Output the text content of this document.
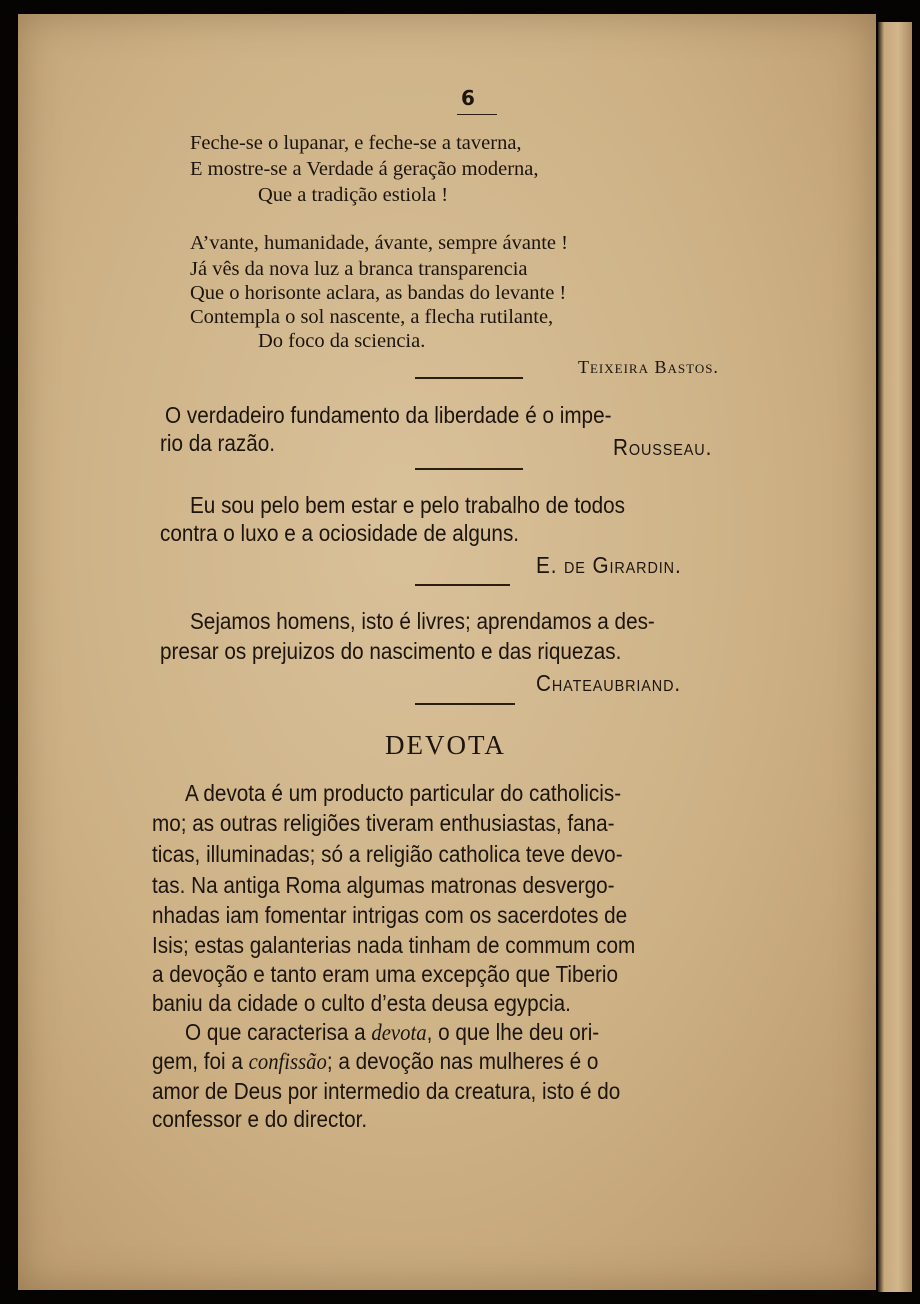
6
Feche-se o lupanar, e feche-se a taverna,
E mostre-se a Verdade á geração moderna,
Que a tradição estiola !
A’vante, humanidade, ávante, sempre ávante !
Já vês da nova luz a branca transparencia
Que o horisonte aclara, as bandas do levante !
Contempla o sol nascente, a flecha rutilante,
Do foco da sciencia.
Teixeira Bastos.
O verdadeiro fundamento da liberdade é o impe-
rio da razão.	Rousseau.
Eu sou pelo bem estar e pelo trabalho de todos
contra o luxo e a ociosidade de alguns.
E. de Girardin.
Sejamos homens, isto é livres; aprendamos a des-
presar os prejuizos do nascimento e das riquezas.
Chateaubriand.
DEVOTA
A devota é um producto particular do catholicis-
mo; as outras religiões tiveram enthusiastas, fana-
ticas, illuminadas; só a religião catholica teve devo-
tas. Na antiga Roma algumas matronas desvergo-
nhadas iam fomentar intrigas com os sacerdotes de
Isis; estas galanterias nada tinham de commum com
a devoção e tanto eram uma excepção que Tiberio
baniu da cidade o culto d’esta deusa egypcia.
O que caracterisa a devota, o que lhe deu ori-
gem, foi a confissão; a devoção nas mulheres é o
amor de Deus por intermedio da creatura, isto é do
confessor e do director.
